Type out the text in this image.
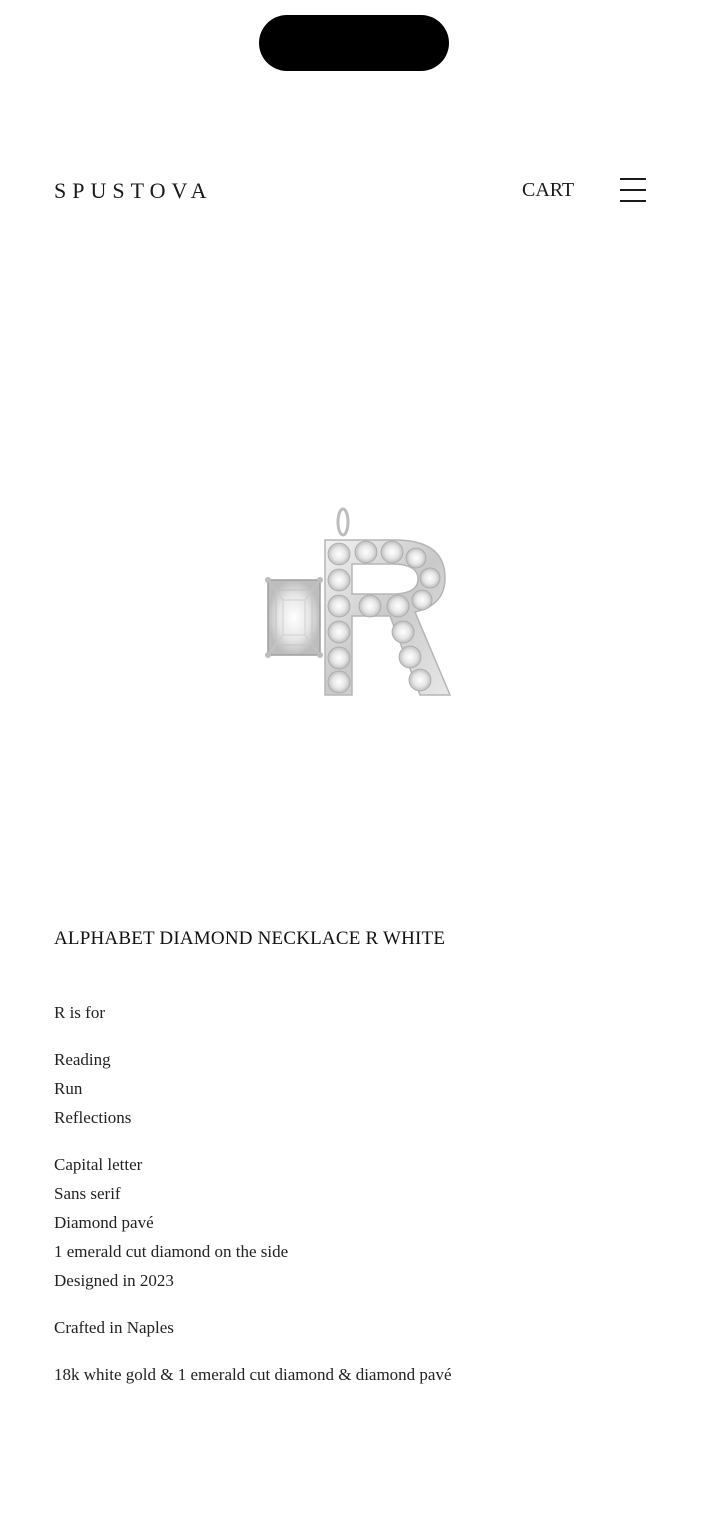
SPUSTOVA	CART
ALPHABET DIAMOND NECKLACE R WHITE

R is for

Reading
Run
Reflections

Capital letter
Sans serif
Diamond pavé
1 emerald cut diamond on the side
Designed in 2023

Crafted in Naples

18k white gold & 1 emerald cut diamond & diamond pavé
